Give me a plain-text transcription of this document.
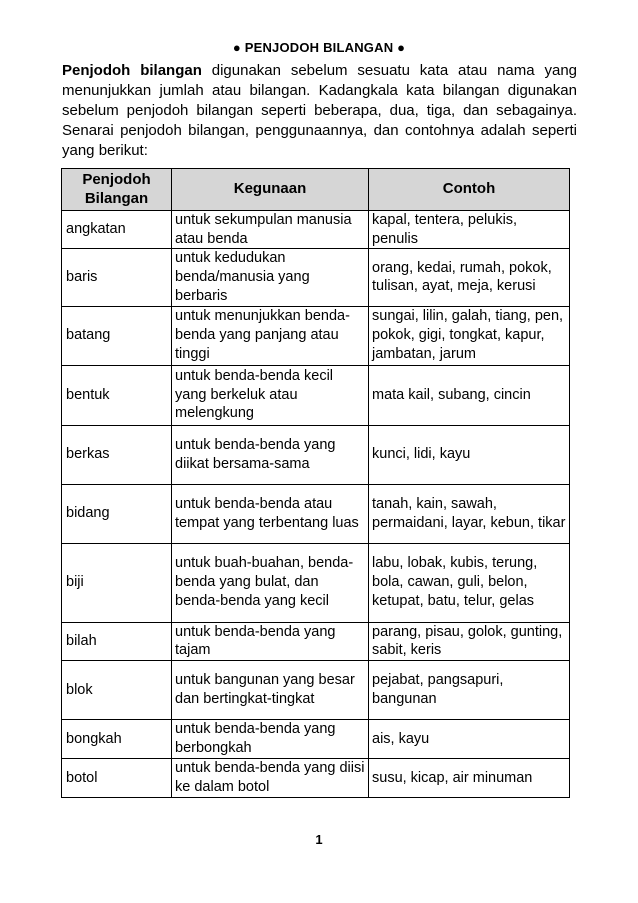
● PENJODOH BILANGAN ●

Penjodoh bilangan digunakan sebelum sesuatu kata atau nama yang menunjukkan jumlah atau bilangan. Kadangkala kata bilangan digunakan sebelum penjodoh bilangan seperti beberapa, dua, tiga, dan sebagainya. Senarai penjodoh bilangan, penggunaannya, dan contohnya adalah seperti yang berikut:

Penjodoh Bilangan	Kegunaan	Contoh
angkatan	untuk sekumpulan manusia atau benda	kapal, tentera, pelukis, penulis
baris	untuk kedudukan benda/manusia yang berbaris	orang, kedai, rumah, pokok, tulisan, ayat, meja, kerusi
batang	untuk menunjukkan benda-benda yang panjang atau tinggi	sungai, lilin, galah, tiang, pen, pokok, gigi, tongkat, kapur, jambatan, jarum
bentuk	untuk benda-benda kecil yang berkeluk atau melengkung	mata kail, subang, cincin
berkas	untuk benda-benda yang diikat bersama-sama	kunci, lidi, kayu
bidang	untuk benda-benda atau tempat yang terbentang luas	tanah, kain, sawah, permaidani, layar, kebun, tikar
biji	untuk buah-buahan, benda-benda yang bulat, dan benda-benda yang kecil	labu, lobak, kubis, terung, bola, cawan, guli, belon, ketupat, batu, telur, gelas
bilah	untuk benda-benda yang tajam	parang, pisau, golok, gunting, sabit, keris
blok	untuk bangunan yang besar dan bertingkat-tingkat	pejabat, pangsapuri, bangunan
bongkah	untuk benda-benda yang berbongkah	ais, kayu
botol	untuk benda-benda yang diisi ke dalam botol	susu, kicap, air minuman
1
